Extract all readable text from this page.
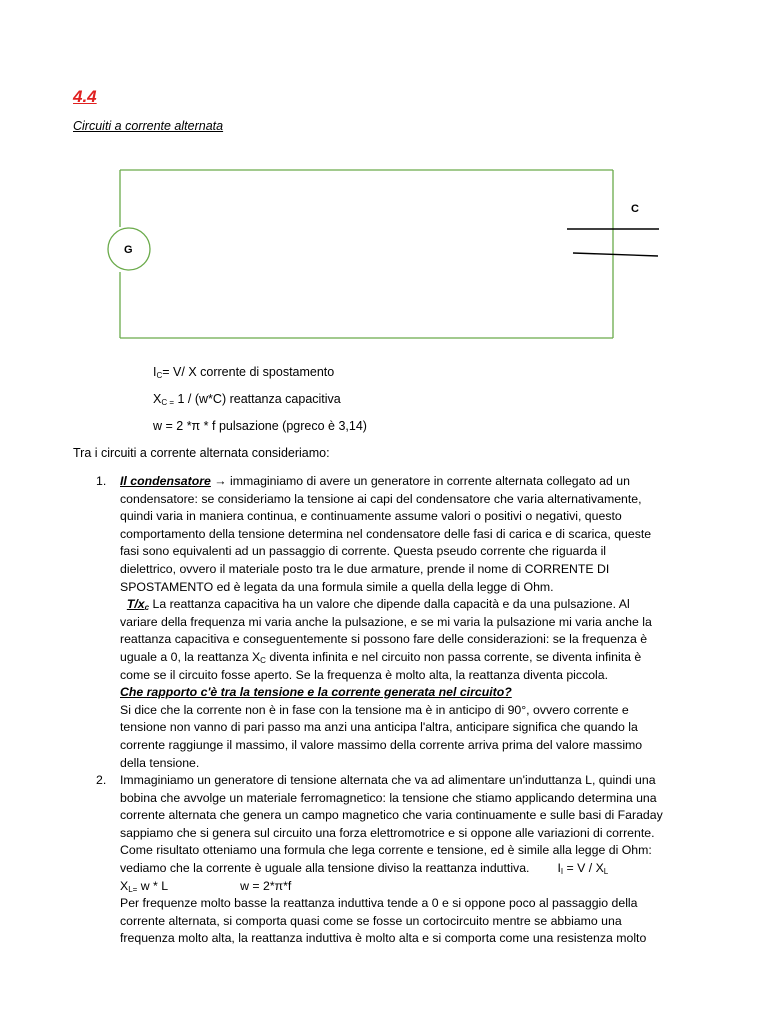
4.4
Circuiti a corrente alternata
G
C
$I_C= V/$ X corrente di spostamento
$X_{C =}$ 1 / (w*C) reattanza capacitiva
w = 2 *π * f pulsazione (pgreco è 3,14)
Tra i circuiti a corrente alternata consideriamo:
1. Il condensatore → immaginiamo di avere un generatore in corrente alternata collegato ad un
condensatore: se consideriamo la tensione ai capi del condensatore che varia alternativamente,
quindi varia in maniera continua, e continuamente assume valori o positivi o negativi, questo
comportamento della tensione determina nel condensatore delle fasi di carica e di scarica, queste
fasi sono equivalenti ad un passaggio di corrente. Questa pseudo corrente che riguarda il
dielettrico, ovvero il materiale posto tra le due armature, prende il nome di CORRENTE DI
SPOSTAMENTO ed è legata da una formula simile a quella della legge di Ohm.
$T/x_c$ La reattanza capacitiva ha un valore che dipende dalla capacità e da una pulsazione. Al
variare della frequenza mi varia anche la pulsazione, e se mi varia la pulsazione mi varia anche la
reattanza capacitiva e conseguentemente si possono fare delle considerazioni: se la frequenza è
uguale a 0, la reattanza $X_C$ diventa infinita e nel circuito non passa corrente, se diventa infinita è
come se il circuito fosse aperto. Se la frequenza è molto alta, la reattanza diventa piccola.
Che rapporto c'è tra la tensione e la corrente generata nel circuito?
Si dice che la corrente non è in fase con la tensione ma è in anticipo di 90°, ovvero corrente e
tensione non vanno di pari passo ma anzi una anticipa l'altra, anticipare significa che quando la
corrente raggiunge il massimo, il valore massimo della corrente arriva prima del valore massimo
della tensione.
2. Immaginiamo un generatore di tensione alternata che va ad alimentare un'induttanza L, quindi una
bobina che avvolge un materiale ferromagnetico: la tensione che stiamo applicando determina una
corrente alternata che genera un campo magnetico che varia continuamente e sulle basi di Faraday
sappiamo che si genera sul circuito una forza elettromotrice e si oppone alle variazioni di corrente.
Come risultato otteniamo una formula che lega corrente e tensione, ed è simile alla legge di Ohm:
vediamo che la corrente è uguale alla tensione diviso la reattanza induttiva. $I_I = V / X_L$
$X_{L=}$ w * L	w = 2*π*f
Per frequenze molto basse la reattanza induttiva tende a 0 e si oppone poco al passaggio della
corrente alternata, si comporta quasi come se fosse un cortocircuito mentre se abbiamo una
frequenza molto alta, la reattanza induttiva è molto alta e si comporta come una resistenza molto
